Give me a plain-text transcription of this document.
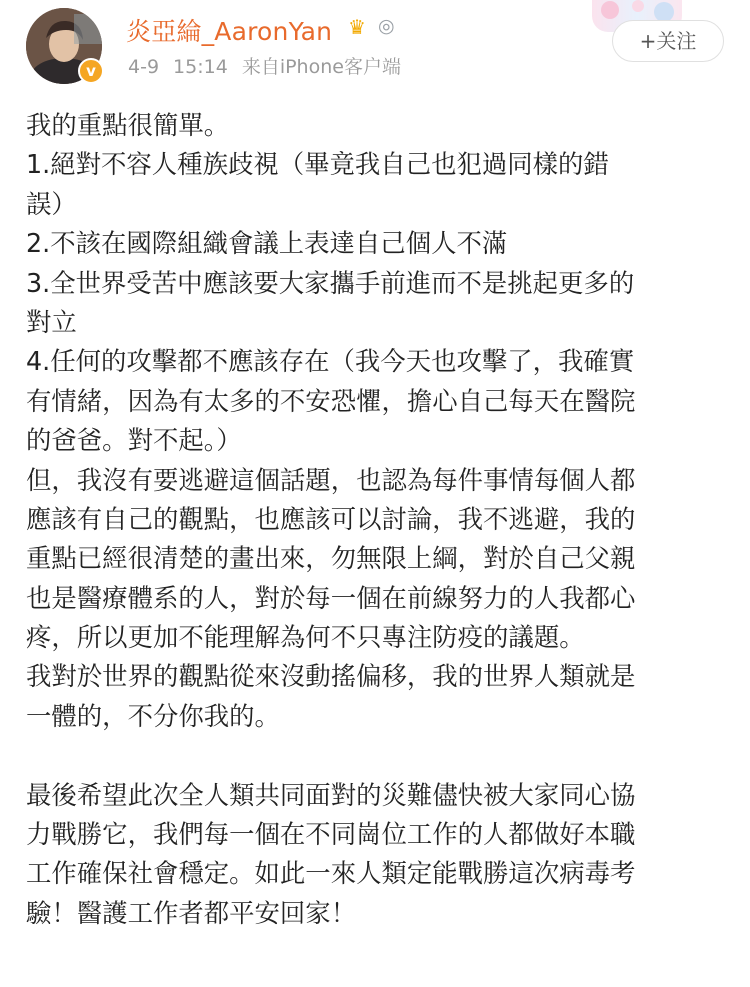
v
炎亞綸_AaronYan ♛ ◎
4-9 15:14 来自iPhone客户端
+关注
我的重點很簡單。
1.絕對不容人種族歧視（畢竟我自己也犯過同樣的錯
誤）
2.不該在國際組織會議上表達自己個人不滿
3.全世界受苦中應該要大家攜手前進而不是挑起更多的
對立
4.任何的攻擊都不應該存在（我今天也攻擊了，我確實
有情緒，因為有太多的不安恐懼，擔心自己每天在醫院
的爸爸。對不起。）
但，我沒有要逃避這個話題，也認為每件事情每個人都
應該有自己的觀點，也應該可以討論，我不逃避，我的
重點已經很清楚的畫出來，勿無限上綱，對於自己父親
也是醫療體系的人，對於每一個在前線努力的人我都心
疼，所以更加不能理解為何不只專注防疫的議題。
我對於世界的觀點從來沒動搖偏移，我的世界人類就是
一體的，不分你我的。
最後希望此次全人類共同面對的災難儘快被大家同心協
力戰勝它，我們每一個在不同崗位工作的人都做好本職
工作確保社會穩定。如此一來人類定能戰勝這次病毒考
驗！醫護工作者都平安回家！
